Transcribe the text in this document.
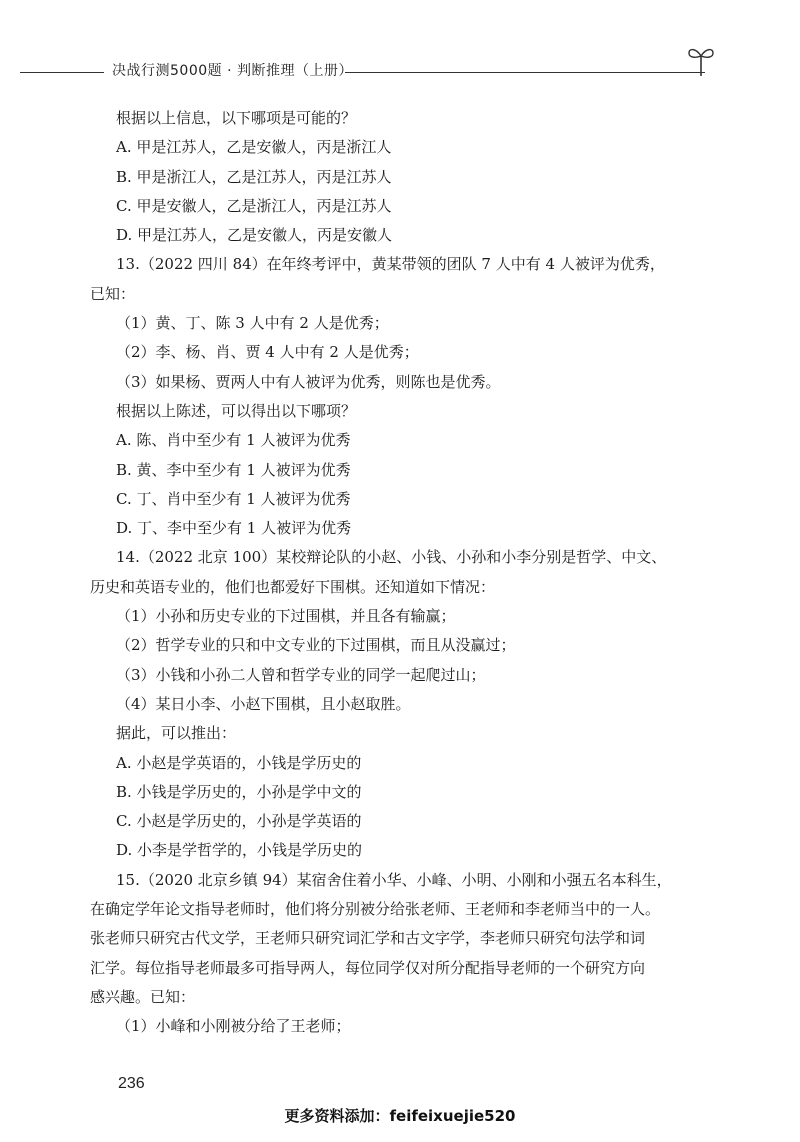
决战行测5000题 · 判断推理（上册）

根据以上信息，以下哪项是可能的？

A. 甲是江苏人，乙是安徽人，丙是浙江人

B. 甲是浙江人，乙是江苏人，丙是江苏人

C. 甲是安徽人，乙是浙江人，丙是江苏人

D. 甲是江苏人，乙是安徽人，丙是安徽人

13.（2022 四川 84）在年终考评中，黄某带领的团队 7 人中有 4 人被评为优秀，

已知：

（1）黄、丁、陈 3 人中有 2 人是优秀；

（2）李、杨、肖、贾 4 人中有 2 人是优秀；

（3）如果杨、贾两人中有人被评为优秀，则陈也是优秀。

根据以上陈述，可以得出以下哪项？

A. 陈、肖中至少有 1 人被评为优秀

B. 黄、李中至少有 1 人被评为优秀

C. 丁、肖中至少有 1 人被评为优秀

D. 丁、李中至少有 1 人被评为优秀

14.（2022 北京 100）某校辩论队的小赵、小钱、小孙和小李分别是哲学、中文、

历史和英语专业的，他们也都爱好下围棋。还知道如下情况：

（1）小孙和历史专业的下过围棋，并且各有输赢；

（2）哲学专业的只和中文专业的下过围棋，而且从没赢过；

（3）小钱和小孙二人曾和哲学专业的同学一起爬过山；

（4）某日小李、小赵下围棋，且小赵取胜。

据此，可以推出：

A. 小赵是学英语的，小钱是学历史的

B. 小钱是学历史的，小孙是学中文的

C. 小赵是学历史的，小孙是学英语的

D. 小李是学哲学的，小钱是学历史的

15.（2020 北京乡镇 94）某宿舍住着小华、小峰、小明、小刚和小强五名本科生，

在确定学年论文指导老师时，他们将分别被分给张老师、王老师和李老师当中的一人。

张老师只研究古代文学，王老师只研究词汇学和古文字学，李老师只研究句法学和词

汇学。每位指导老师最多可指导两人，每位同学仅对所分配指导老师的一个研究方向

感兴趣。已知：

（1）小峰和小刚被分给了王老师；

236
更多资料添加：feifeixuejie520
